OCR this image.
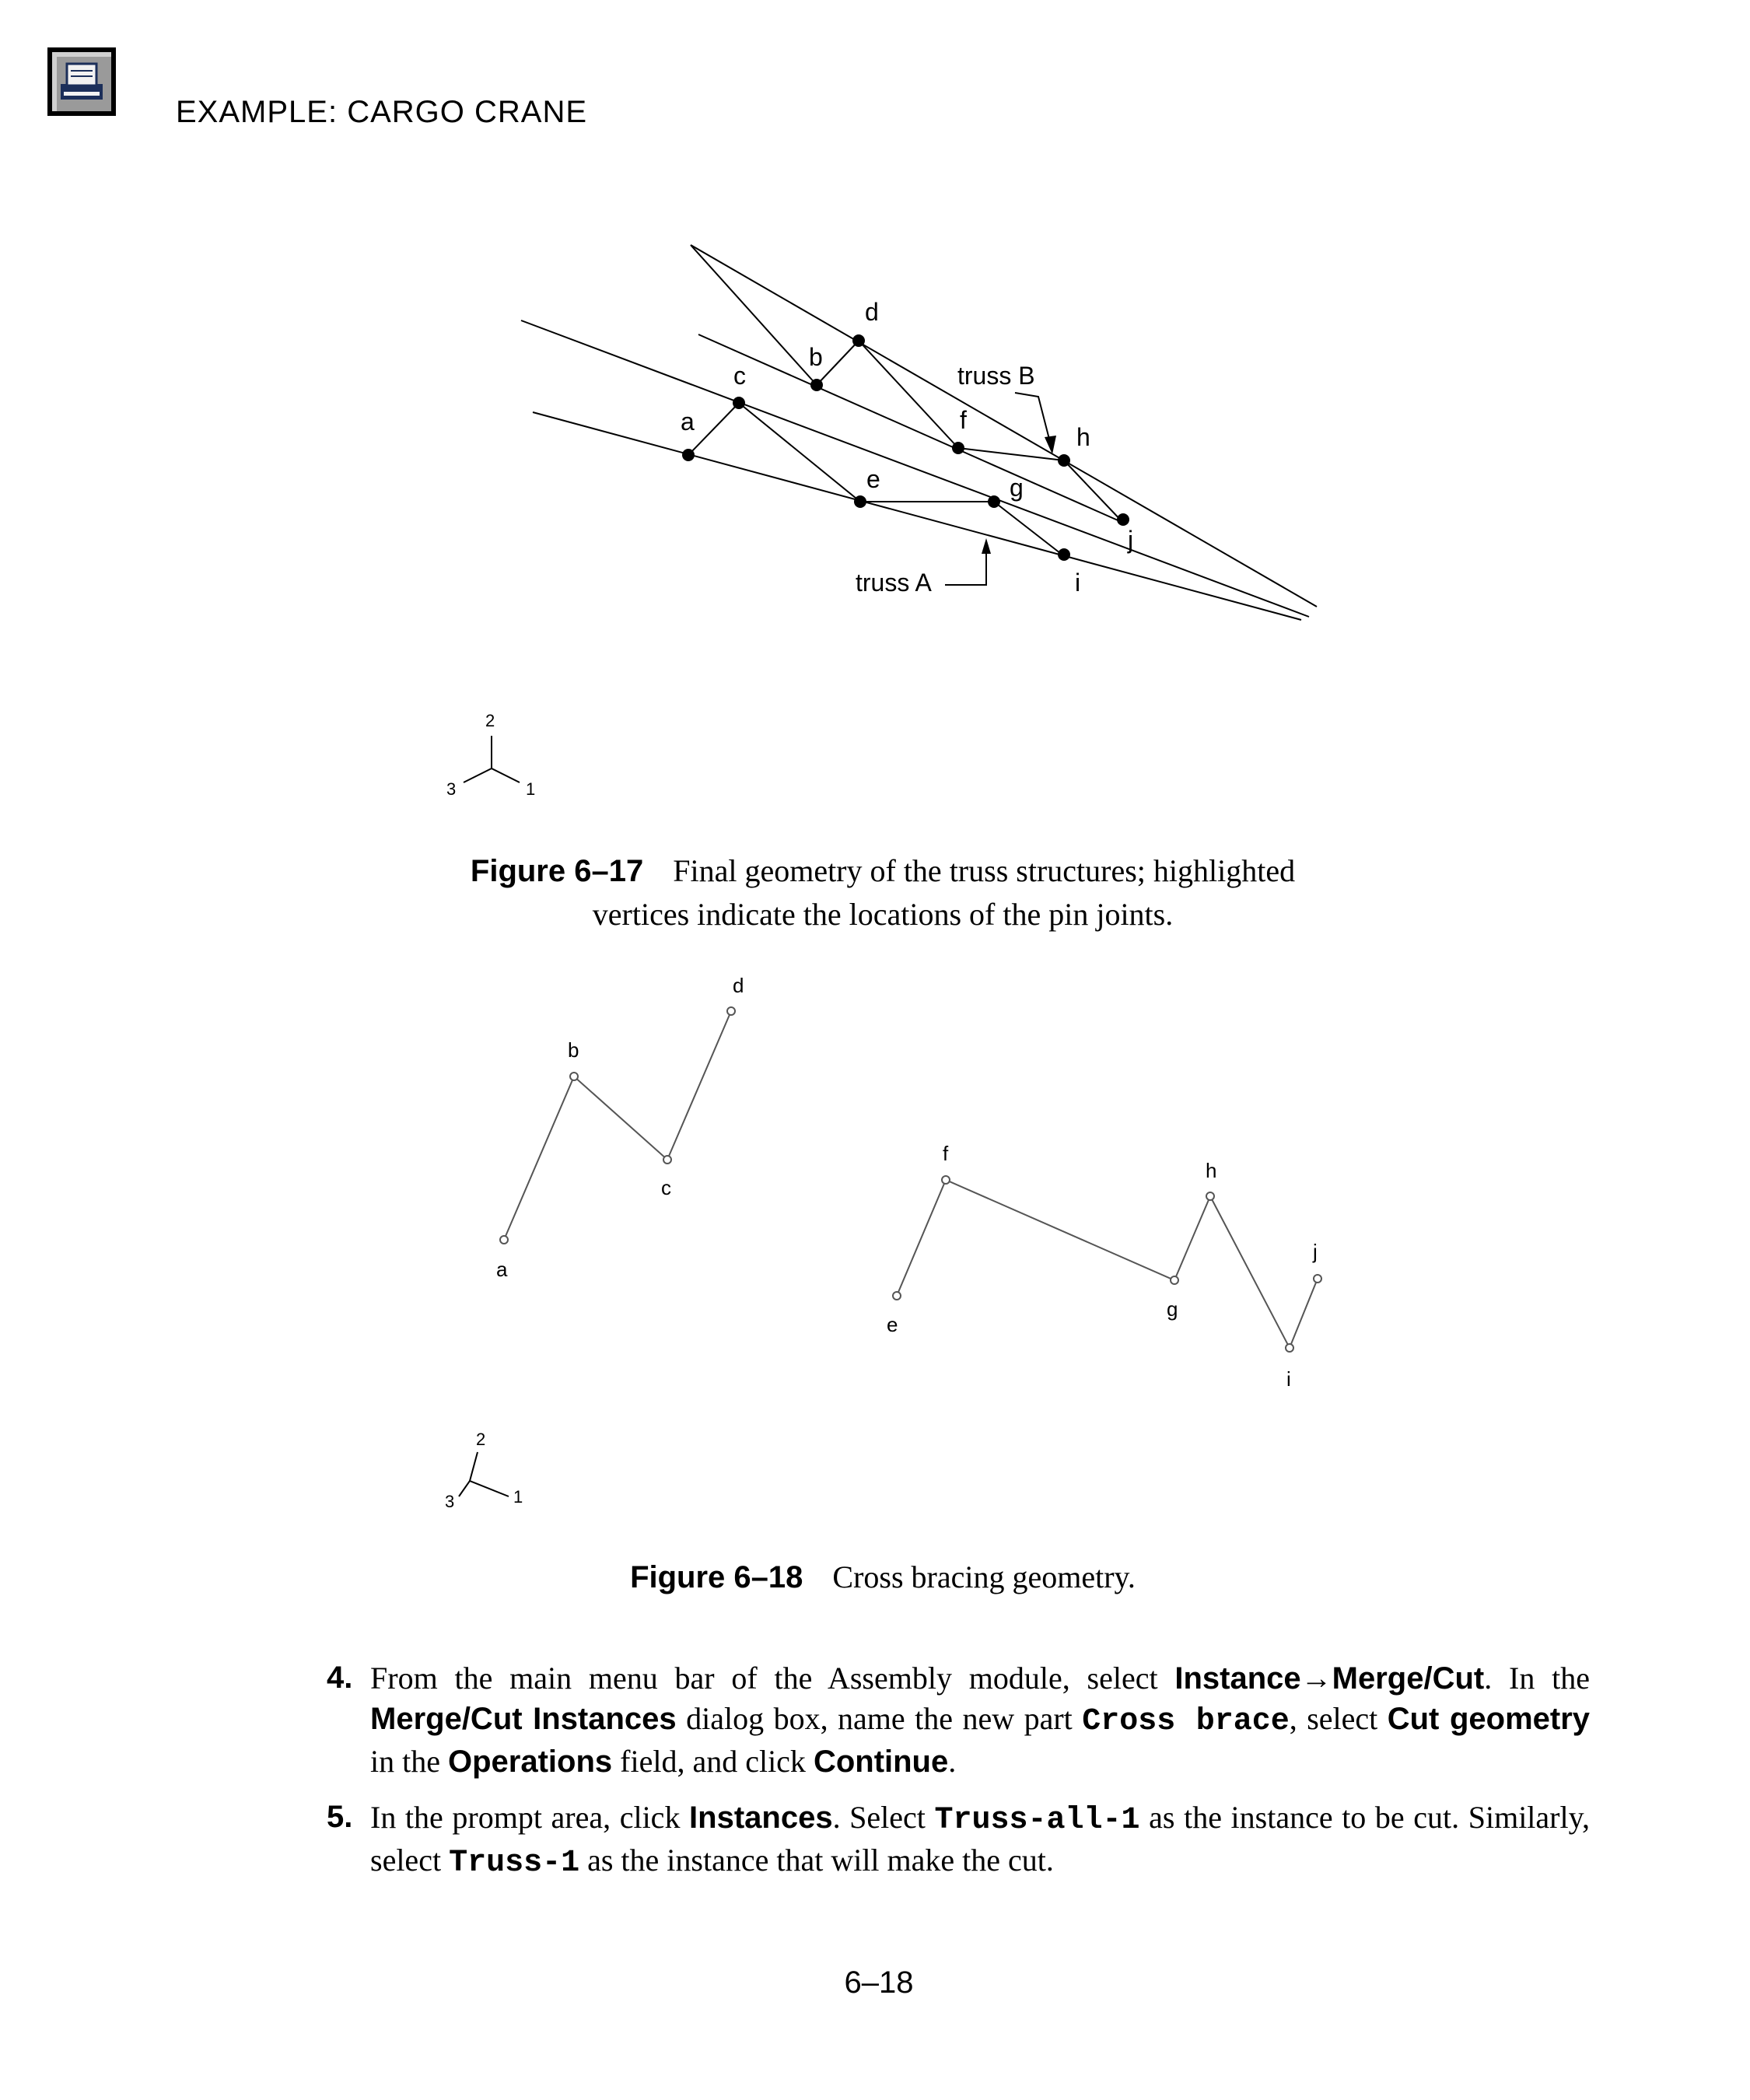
EXAMPLE: CARGO CRANE
a
c
b
d
truss B
f
h
e	g
j
truss A	i
2
3	1
Figure 6–17 Final geometry of the truss structures; highlighted
vertices indicate the locations of the pin joints.
a
b
c
d
e
f
g
h
i
j
2
3	1
Figure 6–18 Cross bracing geometry.
4. From the main menu bar of the Assembly module, select Instance→Merge/Cut. In the Merge/Cut Instances dialog box, name the new part Cross brace, select Cut geometry in the Operations field, and click Continue.
5. In the prompt area, click Instances. Select Truss-all-1 as the instance to be cut. Similarly, select Truss-1 as the instance that will make the cut.
6–18
